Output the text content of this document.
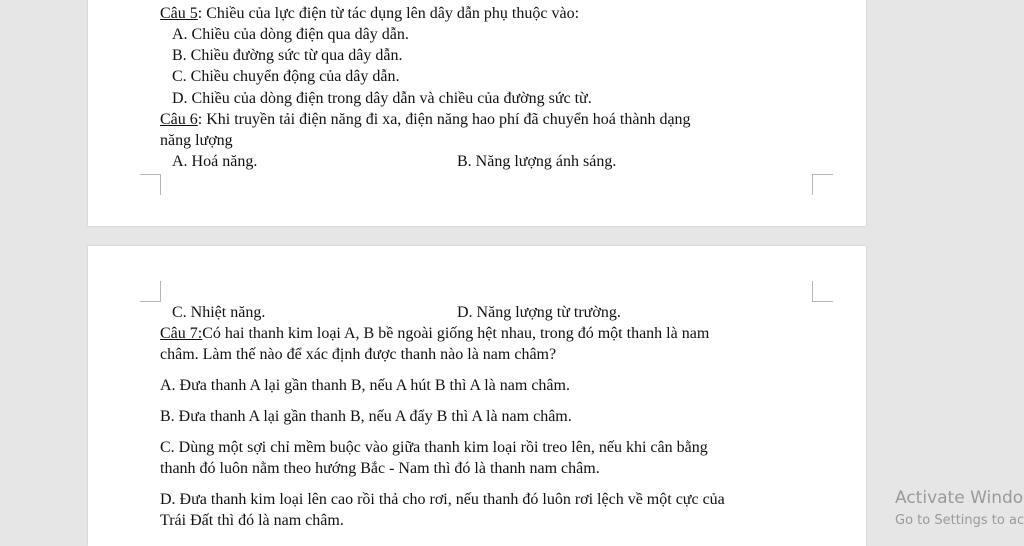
Câu 5: Chiều của lực điện từ tác dụng lên dây dẫn phụ thuộc vào:
A. Chiều của dòng điện qua dây dẫn.
B. Chiều đường sức từ qua dây dẫn.
C. Chiều chuyển động của dây dẫn.
D. Chiều của dòng điện trong dây dẫn và chiều của đường sức từ.
Câu 6: Khi truyền tải điện năng đi xa, điện năng hao phí đã chuyển hoá thành dạng
năng lượng
A. Hoá năng.	B. Năng lượng ánh sáng.
C. Nhiệt năng.	D. Năng lượng từ trường.
Câu 7:Có hai thanh kim loại A, B bề ngoài giống hệt nhau, trong đó một thanh là nam
châm. Làm thế nào để xác định được thanh nào là nam châm?
A. Đưa thanh A lại gần thanh B, nếu A hút B thì A là nam châm.
B. Đưa thanh A lại gần thanh B, nếu A đẩy B thì A là nam châm.
C. Dùng một sợi chỉ mềm buộc vào giữa thanh kim loại rồi treo lên, nếu khi cân bằng
thanh đó luôn nằm theo hướng Bắc - Nam thì đó là thanh nam châm.
D. Đưa thanh kim loại lên cao rồi thả cho rơi, nếu thanh đó luôn rơi lệch về một cực của
Trái Đất thì đó là nam châm.
Activate Windo
Go to Settings to ac
